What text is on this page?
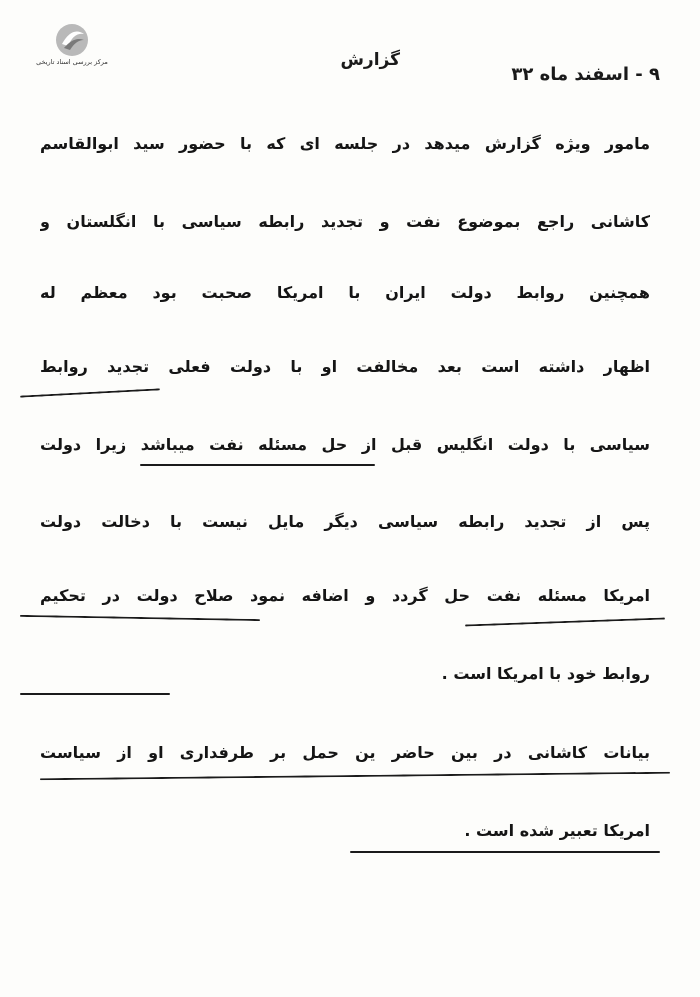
مرکز بررسی اسناد تاریخی	گزارش
۹ - اسفند ماه ۳۲
مامور ویژه گزارش میدهد در جلسه ای که با حضور سید ابوالقاسم
کاشانی راجع بموضوع نفت و تجدید رابطه سیاسی با انگلستان و
همچنین روابط دولت ایران با امریکا صحبت بود معظم له
اظهار داشته است بعد مخالفت او با دولت فعلی تجدید روابط
سیاسی با دولت انگلیس قبل از حل مسئله نفت میباشد زیرا دولت
پس از تجدید رابطه سیاسی دیگر مایل نیست با دخالت دولت
امریکا مسئله نفت حل گردد و اضافه نمود صلاح دولت در تحکیم
روابط خود با امریکا است .
بیانات کاشانی در بین حاضر ین حمل بر طرفداری او از سیاست
امریکا تعبیر شده است .
